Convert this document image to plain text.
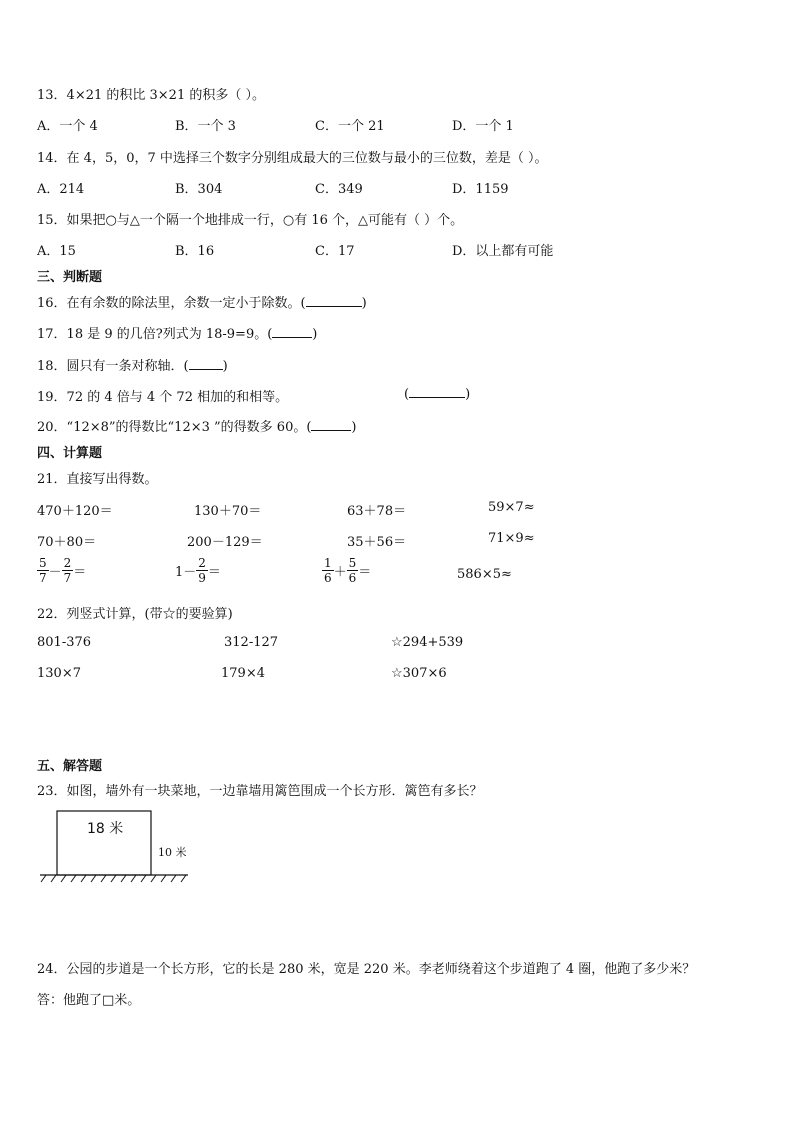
13．4×21 的积比 3×21 的积多（ ）。
A．一个 4	B．一个 3	C．一个 21	D．一个 1
14．在 4，5，0，7 中选择三个数字分别组成最大的三位数与最小的三位数，差是（ ）。
A．214	B．304	C．349	D．1159
15．如果把○与△一个隔一个地排成一行，○有 16 个，△可能有（ ）个。
A．15	B．16	C．17	D．以上都有可能
三、判断题
16．在有余数的除法里，余数一定小于除数。(	)
17．18 是 9 的几倍?列式为 18-9=9。(	)
18．圆只有一条对称轴．(	)
19．72 的 4 倍与 4 个 72 相加的和相等。	(	)
20．“12×8”的得数比“12×3 ”的得数多 60。(	)
四、计算题
21．直接写出得数。
470＋120＝	130＋70＝	63＋78＝	59×7≈
70＋80＝	200－129＝	35＋56＝	71×9≈
$\frac{5}{7} - \frac{2}{7}$ ＝	$1- \frac{2}{9}$ ＝	$\frac{1}{6} + \frac{5}{6}$ ＝	586×5≈
22．列竖式计算，(带☆的要验算)
801-376	312-127	☆294+539
130×7	179×4	☆307×6
五、解答题
23．如图，墙外有一块菜地，一边靠墙用篱笆围成一个长方形．篱笆有多长？
18 米
10 米
24．公园的步道是一个长方形，它的长是 280 米，宽是 220 米。李老师绕着这个步道跑了 4 圈，他跑了多少米？
答：他跑了□米。
